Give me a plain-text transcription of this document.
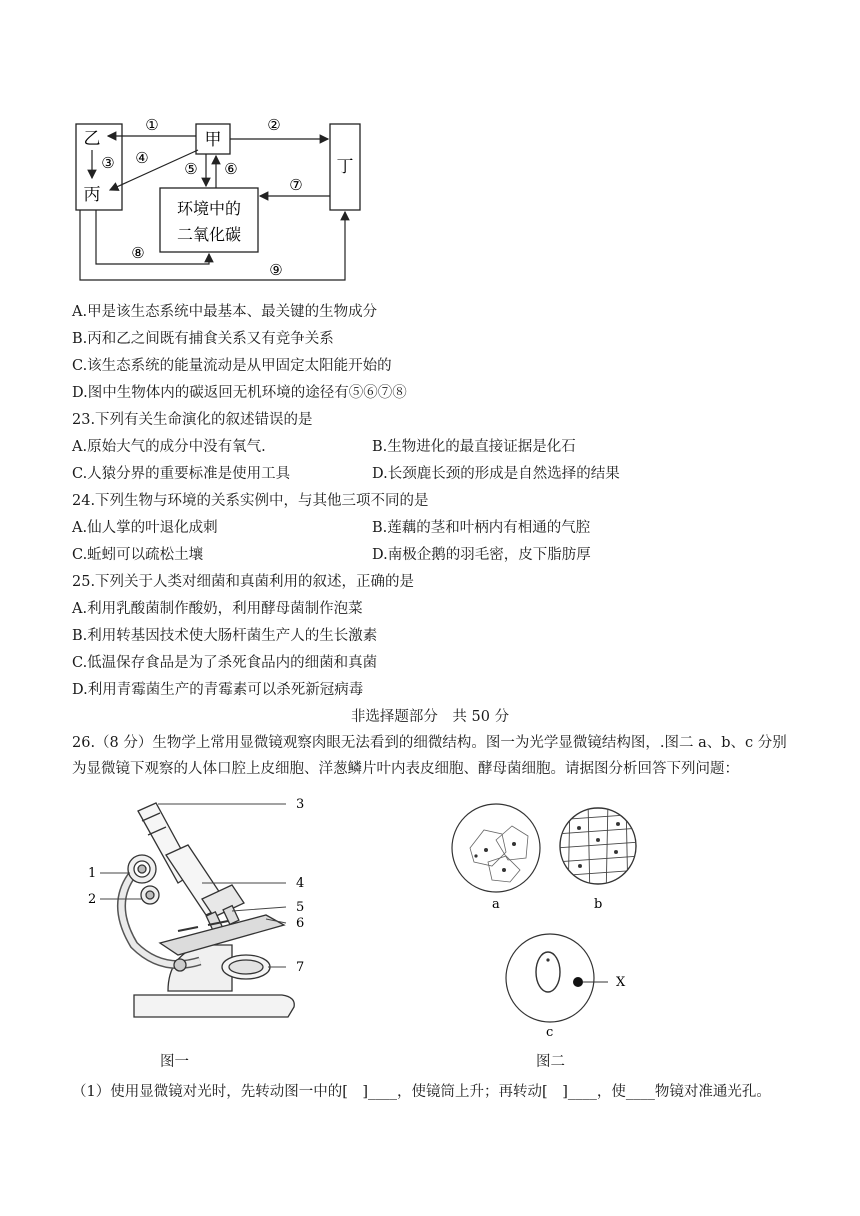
甲
乙
丙
丁
环境中的
二氧化碳
①	②
③ ④
⑤ ⑥
⑦
⑧
⑨
A.甲是该生态系统中最基本、最关键的生物成分
B.丙和乙之间既有捕食关系又有竞争关系
C.该生态系统的能量流动是从甲固定太阳能开始的
D.图中生物体内的碳返回无机环境的途径有⑤⑥⑦⑧
23.下列有关生命演化的叙述错误的是
A.原始大气的成分中没有氧气.	B.生物进化的最直接证据是化石
C.人猿分界的重要标准是使用工具	D.长颈鹿长颈的形成是自然选择的结果
24.下列生物与环境的关系实例中，与其他三项不同的是
A.仙人掌的叶退化成刺	B.莲藕的茎和叶柄内有相通的气腔
C.蚯蚓可以疏松土壤	D.南极企鹅的羽毛密，皮下脂肪厚
25.下列关于人类对细菌和真菌利用的叙述，正确的是
A.利用乳酸菌制作酸奶，利用酵母菌制作泡菜
B.利用转基因技术使大肠杆菌生产人的生长激素
C.低温保存食品是为了杀死食品内的细菌和真菌
D.利用青霉菌生产的青霉素可以杀死新冠病毒
非选择题部分　共 50 分
26.（8 分）生物学上常用显微镜观察肉眼无法看到的细微结构。图一为光学显微镜结构图，.图二 a、b、c 分别为显微镜下观察的人体口腔上皮细胞、洋葱鳞片叶内表皮细胞、酵母菌细胞。请据图分析回答下列问题：
1
2
3
4
5
6
7
图一
a	b
c
X
图二
（1）使用显微镜对光时，先转动图一中的[　]____，使镜筒上升；再转动[　]____，使____物镜对准通光孔。
